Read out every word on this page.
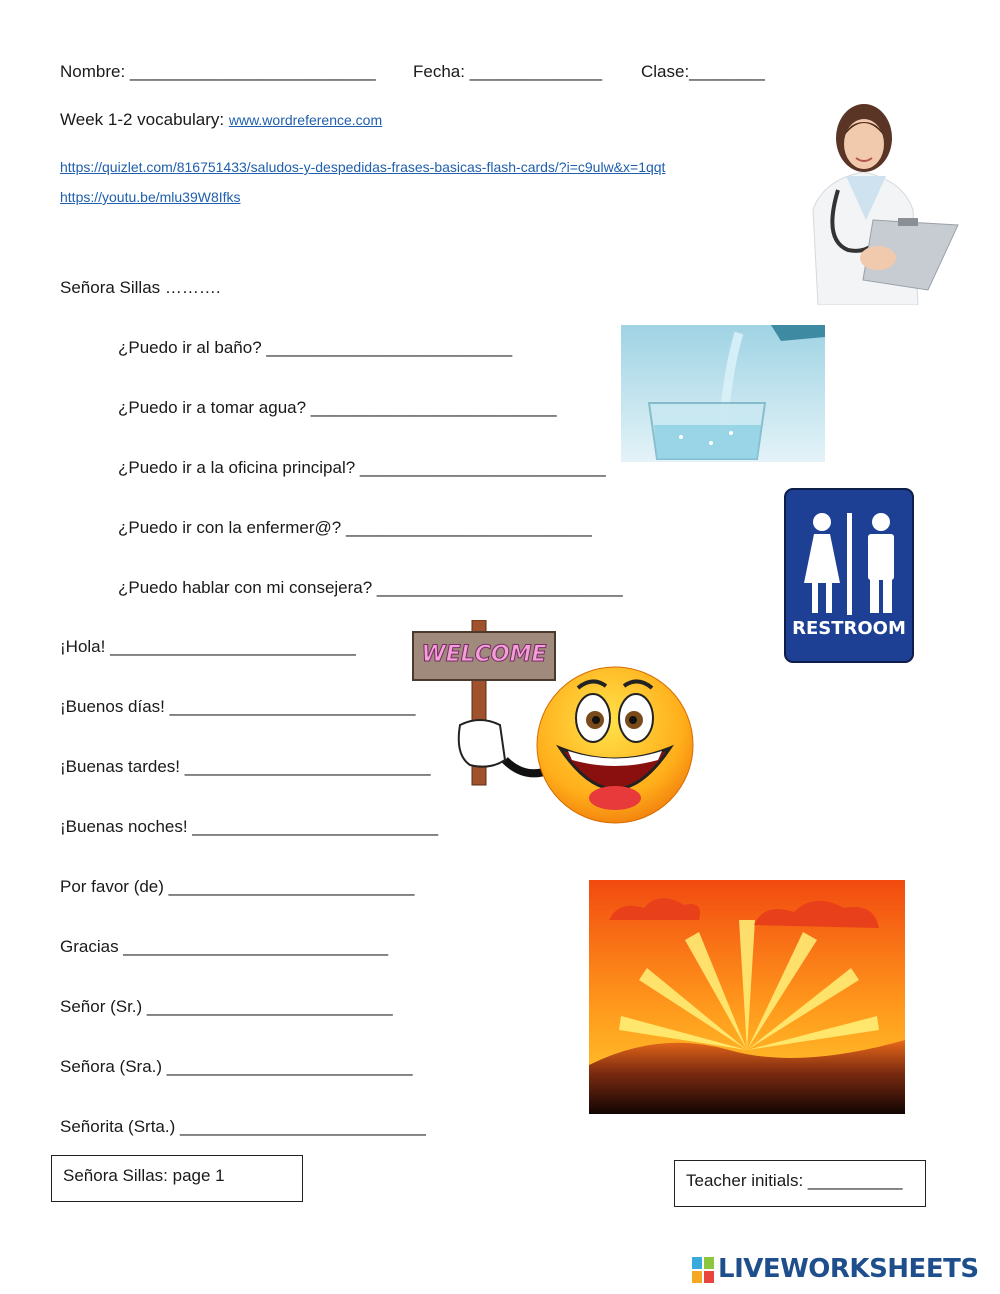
Nombre: __________________________ Fecha: ______________ Clase:________
Week 1-2 vocabulary: www.wordreference.com
https://quizlet.com/816751433/saludos-y-despedidas-frases-basicas-flash-cards/?i=c9ulw&x=1qqt
https://youtu.be/mlu39W8Ifks
Señora Sillas ……….
¿Puedo ir al baño? __________________________
¿Puedo ir a tomar agua? __________________________
¿Puedo ir a la oficina principal? __________________________
¿Puedo ir con la enfermer@? __________________________
¿Puedo hablar con mi consejera? __________________________
RESTROOM
¡Hola! __________________________
¡Buenos días! __________________________
¡Buenas tardes! __________________________
¡Buenas noches! __________________________
Por favor (de) __________________________
Gracias ____________________________
Señor (Sr.) __________________________
Señora (Sra.) __________________________
Señorita (Srta.) __________________________
WELCOME
Señora Sillas: page 1	Teacher initials: __________
LIVEWORKSHEETS
